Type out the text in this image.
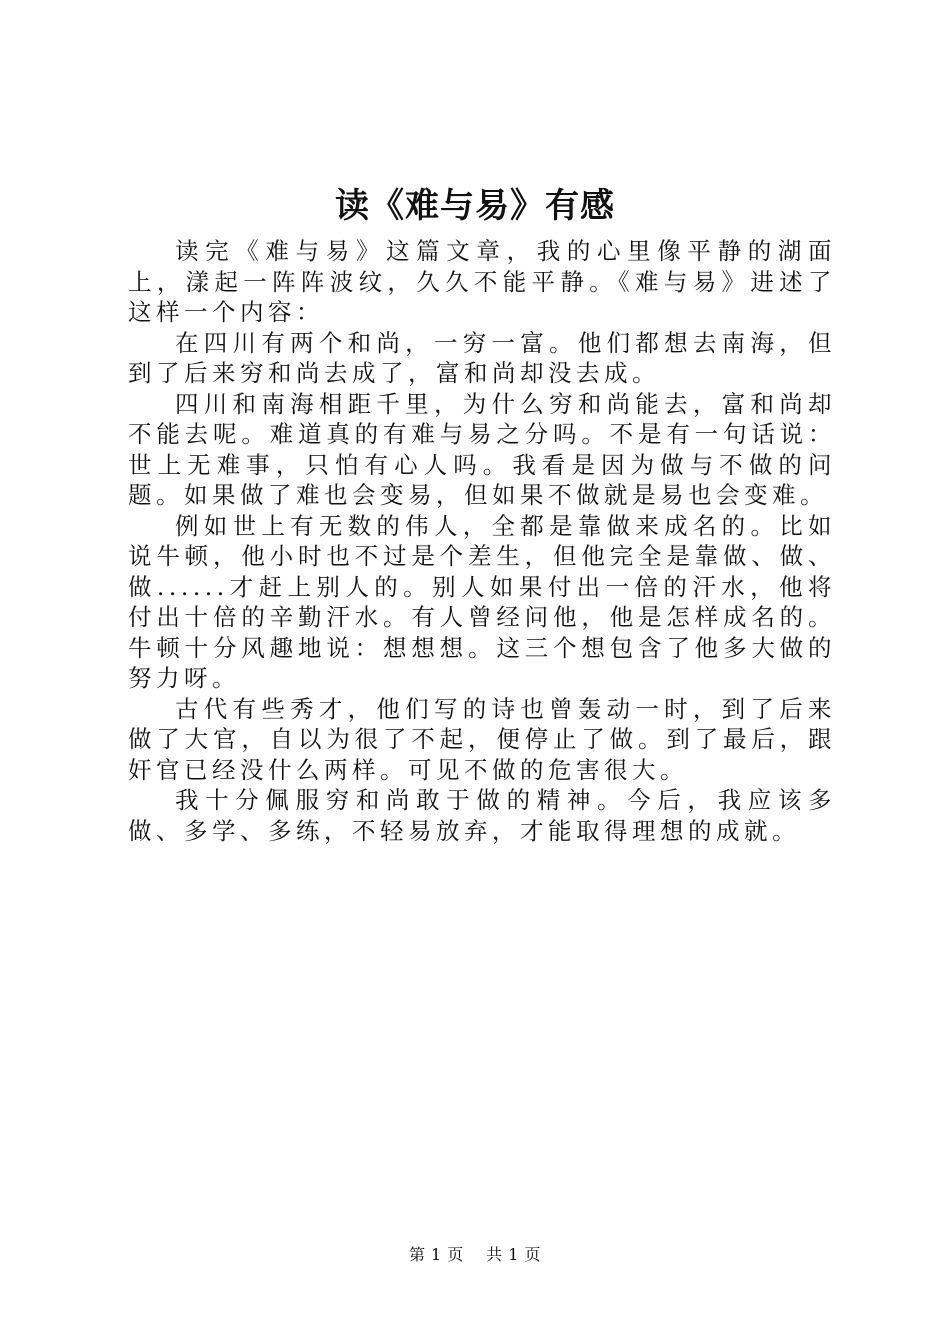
读《难与易》有感

读完《难与易》这篇文章，我的心里像平静的湖面上，漾起一阵阵波纹，久久不能平静。《难与易》进述了这样一个内容：

在四川有两个和尚，一穷一富。他们都想去南海，但到了后来穷和尚去成了，富和尚却没去成。

四川和南海相距千里，为什么穷和尚能去，富和尚却不能去呢。难道真的有难与易之分吗。不是有一句话说：世上无难事，只怕有心人吗。我看是因为做与不做的问题。如果做了难也会变易，但如果不做就是易也会变难。

例如世上有无数的伟人，全都是靠做来成名的。比如说牛顿，他小时也不过是个差生，但他完全是靠做、做、做......才赶上别人的。别人如果付出一倍的汗水，他将付出十倍的辛勤汗水。有人曾经问他，他是怎样成名的。牛顿十分风趣地说：想想想。这三个想包含了他多大做的努力呀。

古代有些秀才，他们写的诗也曾轰动一时，到了后来做了大官，自以为很了不起，便停止了做。到了最后，跟奸官已经没什么两样。可见不做的危害很大。

我十分佩服穷和尚敢于做的精神。今后，我应该多做、多学、多练，不轻易放弃，才能取得理想的成就。

第 1 页 共 1 页
